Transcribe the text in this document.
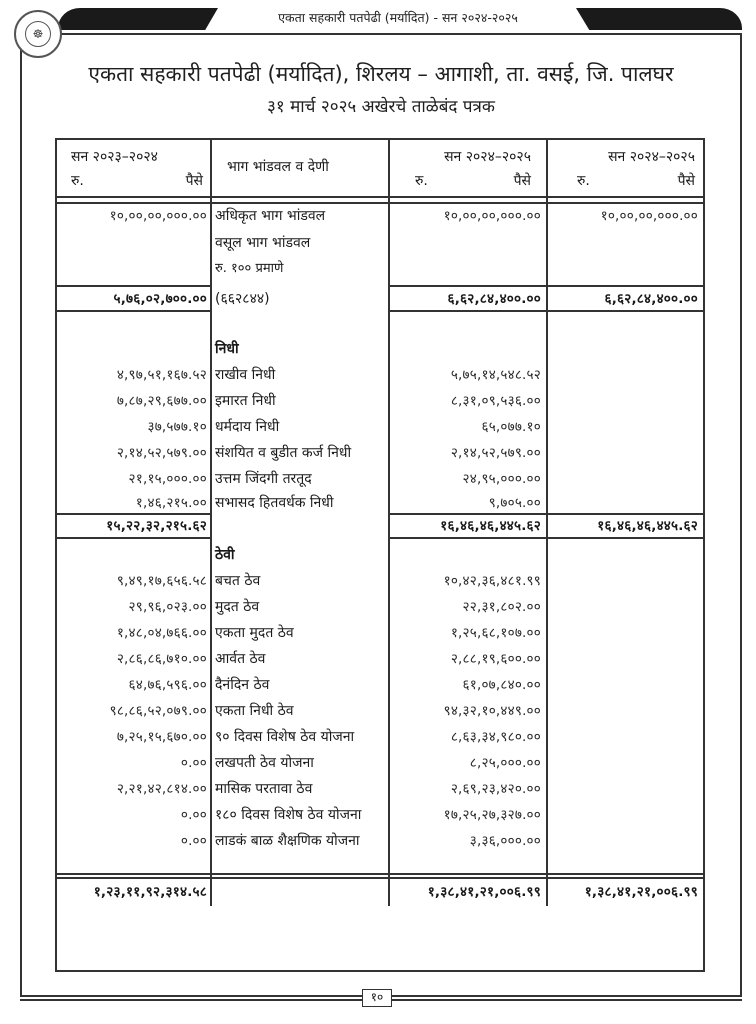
एकता सहकारी पतपेढी (मर्यादित) - सन २०२४-२०२५
☸
एकता सहकारी पतपेढी (मर्यादित), शिरलय – आगाशी, ता. वसई, जि. पालघर
३१ मार्च २०२५ अखेरचे ताळेबंद पत्रक
सन २०२३–२०२४
रु.	पैसे
भाग भांडवल व देणी
सन २०२४–२०२५
रु.	पैसे
सन २०२४–२०२५
रु.	पैसे
१०,००,००,०००.०० अधिकृत भाग भांडवल	१०,००,००,०००.००	१०,००,००,०००.००
वसूल भाग भांडवल
रु. १०० प्रमाणे
५,७६,०२,७००.०० (६६२८४४)	६,६२,८४,४००.००	६,६२,८४,४००.००
निधी
४,९७,५१,१६७.५२ राखीव निधी	५,७५,१४,५४८.५२
७,८७,२९,६७७.०० इमारत निधी	८,३१,०९,५३६.००
३७,५७७.१० धर्मदाय निधी	६५,०७७.१०
२,१४,५२,५७९.०० संशयित व बुडीत कर्ज निधी	२,१४,५२,५७९.००
२१,१५,०००.०० उत्तम जिंदगी तरतूद	२४,९५,०००.००
१,४६,२१५.०० सभासद हितवर्धक निधी	९,७०५.००
१५,२२,३२,२१५.६२	१६,४६,४६,४४५.६२	१६,४६,४६,४४५.६२
ठेवी
९,४९,१७,६५६.५८ बचत ठेव	१०,४२,३६,४८१.९९
२९,९६,०२३.०० मुदत ठेव	२२,३१,८०२.००
१,४८,०४,७६६.०० एकता मुदत ठेव	१,२५,६८,१०७.००
२,८६,८६,७१०.०० आर्वत ठेव	२,८८,१९,६००.००
६४,७६,५९६.०० दैनंदिन ठेव	६१,०७,८४०.००
९८,८६,५२,०७९.०० एकता निधी ठेव	९४,३२,१०,४४९.००
७,२५,१५,६७०.०० ९० दिवस विशेष ठेव योजना	८,६३,३४,९८०.००
०.०० लखपती ठेव योजना	८,२५,०००.००
२,२१,४२,८१४.०० मासिक परतावा ठेव	२,६९,२३,४२०.००
०.०० १८० दिवस विशेष ठेव योजना	१७,२५,२७,३२७.००
०.०० लाडकं बाळ शैक्षणिक योजना	३,३६,०००.००
१,२३,११,९२,३१४.५८	१,३८,४१,२१,००६.९९	१,३८,४१,२१,००६.९९
१०
